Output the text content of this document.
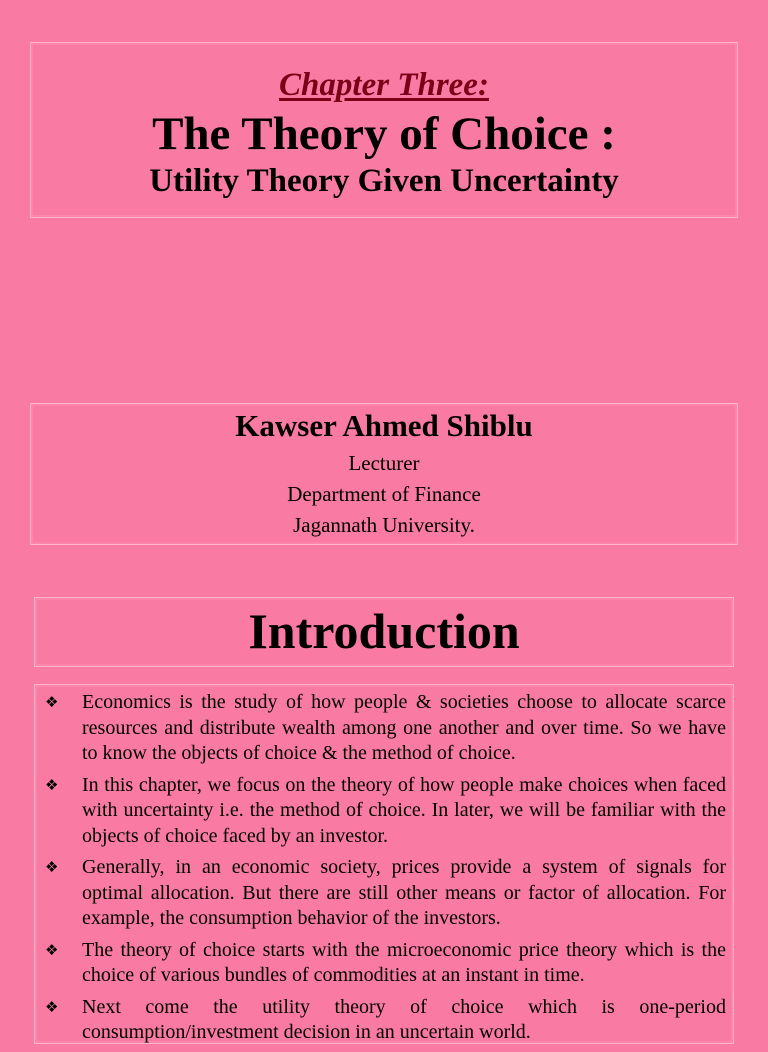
Chapter Three:
The Theory of Choice :
Utility Theory Given Uncertainty
Kawser Ahmed Shiblu
Lecturer
Department of Finance
Jagannath University.
Introduction
❖ Economics is the study of how people & societies choose to allocate scarce resources and distribute wealth among one another and over time. So we have to know the objects of choice & the method of choice.
❖ In this chapter, we focus on the theory of how people make choices when faced with uncertainty i.e. the method of choice. In later, we will be familiar with the objects of choice faced by an investor.
❖ Generally, in an economic society, prices provide a system of signals for optimal allocation. But there are still other means or factor of allocation. For example, the consumption behavior of the investors.
❖ The theory of choice starts with the microeconomic price theory which is the choice of various bundles of commodities at an instant in time.
❖ Next come the utility theory of choice which is one-period consumption/investment decision in an uncertain world.
